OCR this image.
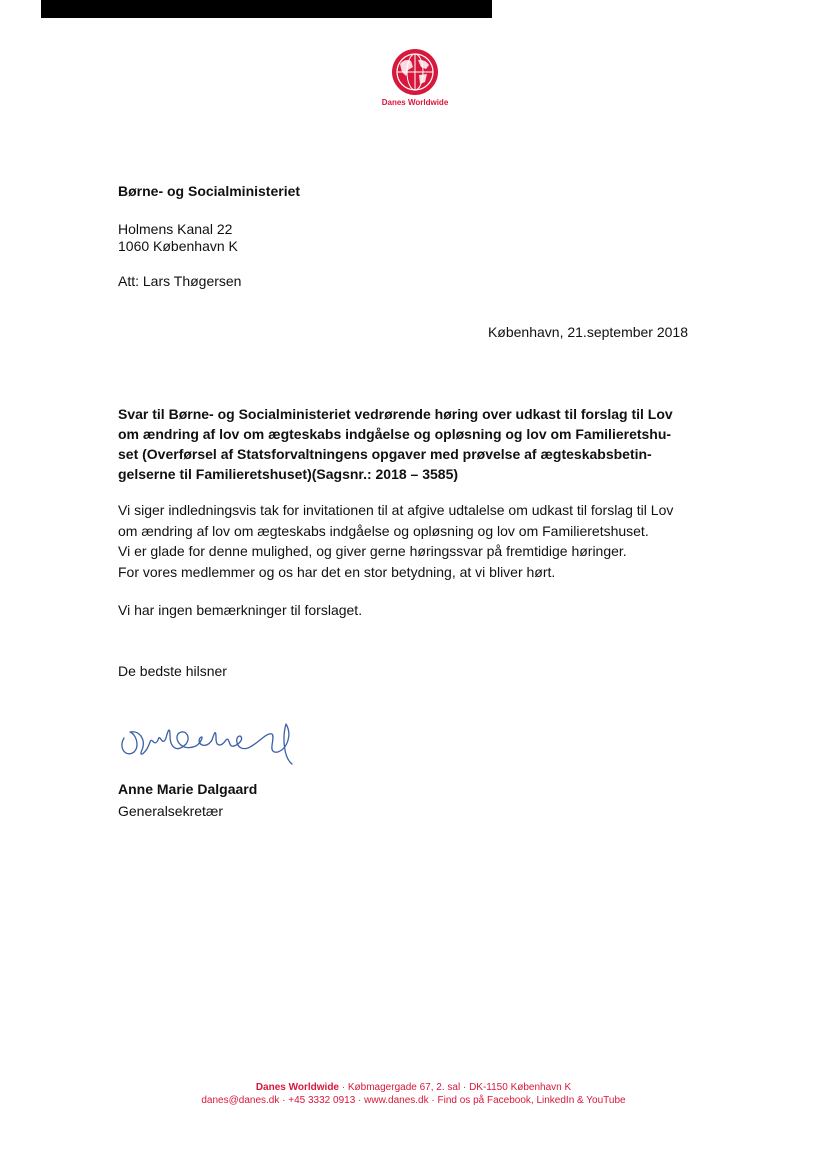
Danes Worldwide
Børne- og Socialministeriet
Holmens Kanal 22
1060 København K
Att: Lars Thøgersen
København, 21.september 2018

Svar til Børne- og Socialministeriet vedrørende høring over udkast til forslag til Lov

om ændring af lov om ægteskabs indgåelse og opløsning og lov om Familieretshu-

set (Overførsel af Statsforvaltningens opgaver med prøvelse af ægteskabsbetin-

gelserne til Familieretshuset)(Sagsnr.: 2018 – 3585)

Vi siger indledningsvis tak for invitationen til at afgive udtalelse om udkast til forslag til Lov

om ændring af lov om ægteskabs indgåelse og opløsning og lov om Familieretshuset.

Vi er glade for denne mulighed, og giver gerne høringssvar på fremtidige høringer.

For vores medlemmer og os har det en stor betydning, at vi bliver hørt.

Vi har ingen bemærkninger til forslaget.
De bedste hilsner
Anne Marie Dalgaard
Generalsekretær
Danes Worldwide · Købmagergade 67, 2. sal · DK-1150 København K
danes@danes.dk · +45 3332 0913 · www.danes.dk · Find os på Facebook, LinkedIn & YouTube
